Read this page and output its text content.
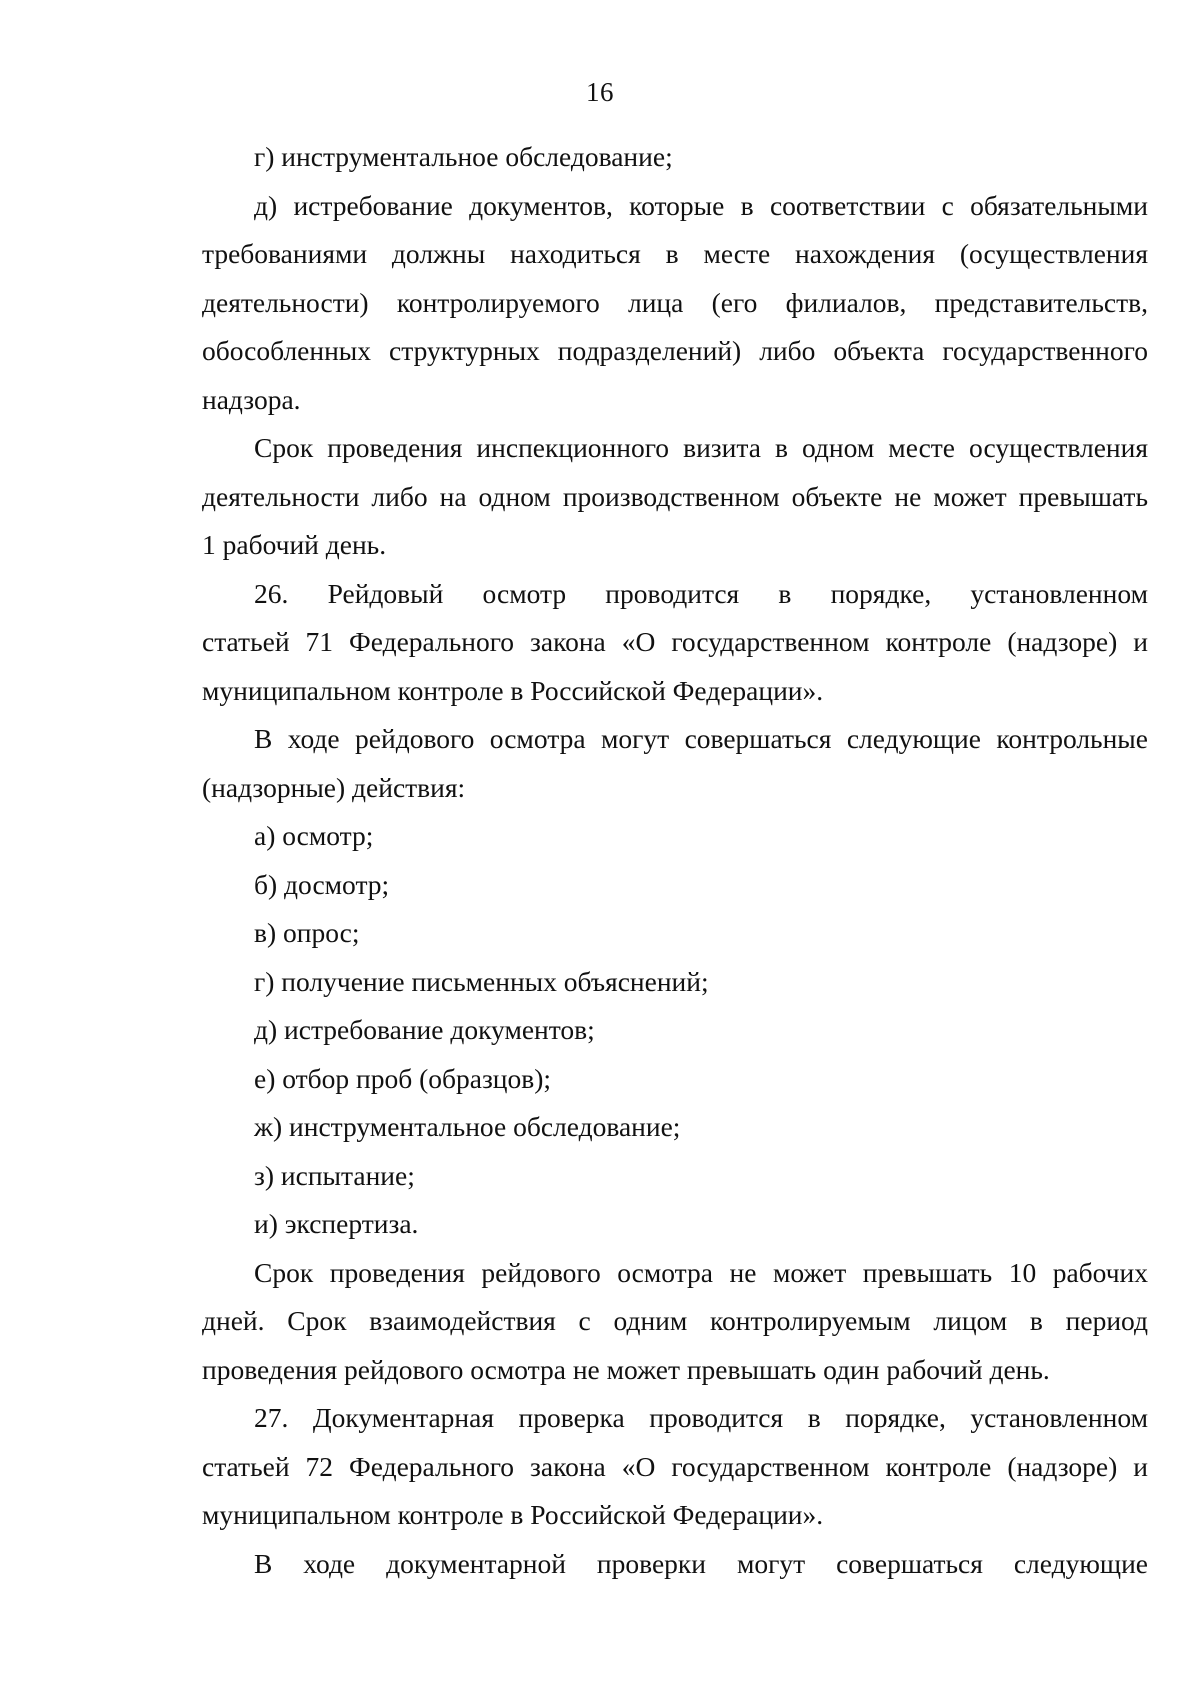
16

г) инструментальное обследование;

д) истребование документов, которые в соответствии с обязательными

требованиями должны находиться в месте нахождения (осуществления

деятельности) контролируемого лица (его филиалов, представительств,

обособленных структурных подразделений) либо объекта государственного

надзора.

Срок проведения инспекционного визита в одном месте осуществления

деятельности либо на одном производственном объекте не может превышать

1 рабочий день.

26. Рейдовый осмотр проводится в порядке, установленном

статьей 71 Федерального закона «О государственном контроле (надзоре) и

муниципальном контроле в Российской Федерации».

В ходе рейдового осмотра могут совершаться следующие контрольные

(надзорные) действия:

а) осмотр;

б) досмотр;

в) опрос;

г) получение письменных объяснений;

д) истребование документов;

е) отбор проб (образцов);

ж) инструментальное обследование;

з) испытание;

и) экспертиза.

Срок проведения рейдового осмотра не может превышать 10 рабочих

дней. Срок взаимодействия с одним контролируемым лицом в период

проведения рейдового осмотра не может превышать один рабочий день.

27. Документарная проверка проводится в порядке, установленном

статьей 72 Федерального закона «О государственном контроле (надзоре) и

муниципальном контроле в Российской Федерации».

В ходе документарной проверки могут совершаться следующие
